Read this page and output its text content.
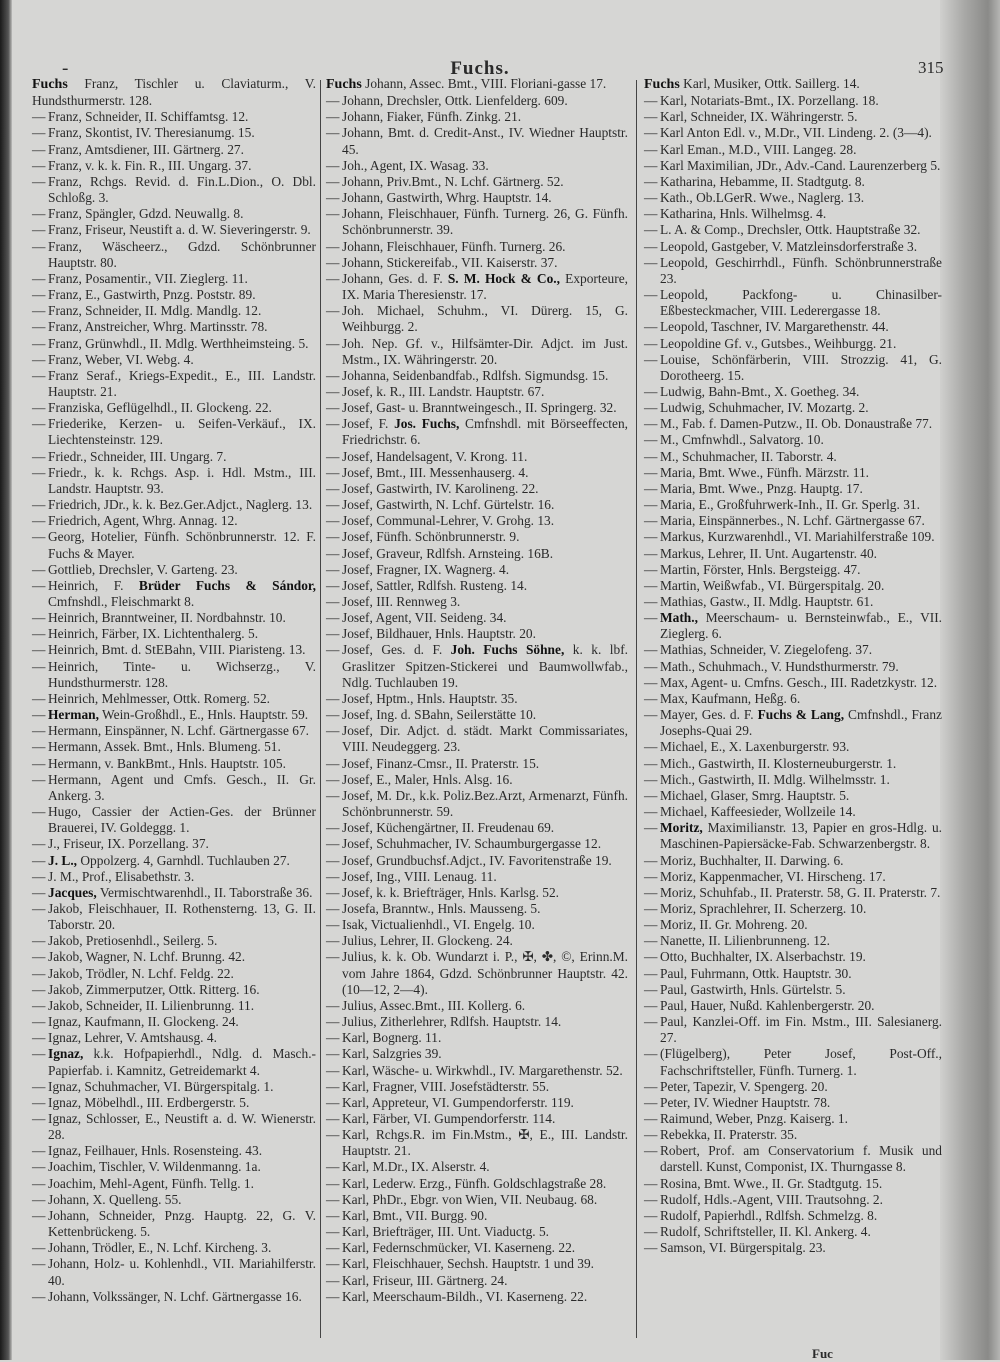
-	Fuchs.	315
Fuchs Franz, Tischler u. Claviaturm., V. Hundsthurmerstr. 128.
— Franz, Schneider, II. Schiffamtsg. 12.
— Franz, Skontist, IV. Theresianumg. 15.
— Franz, Amtsdiener, III. Gärtnerg. 27.
— Franz, v. k. k. Fin. R., III. Ungarg. 37.
— Franz, Rchgs. Revid. d. Fin.L.Dion., O. Dbl. Schloßg. 3.
— Franz, Spängler, Gdzd. Neuwallg. 8.
— Franz, Friseur, Neustift a. d. W. Sieveringerstr. 9.
— Franz, Wäscheerz., Gdzd. Schönbrunner Hauptstr. 80.
— Franz, Posamentir., VII. Zieglerg. 11.
— Franz, E., Gastwirth, Pnzg. Poststr. 89.
— Franz, Schneider, II. Mdlg. Mandlg. 12.
— Franz, Anstreicher, Whrg. Martinsstr. 78.
— Franz, Grünwhdl., II. Mdlg. Werthheimsteing. 5.
— Franz, Weber, VI. Webg. 4.
— Franz Seraf., Kriegs-Expedit., E., III. Landstr. Hauptstr. 21.
— Franziska, Geflügelhdl., II. Glockeng. 22.
— Friederike, Kerzen- u. Seifen-Verkäuf., IX. Liechtensteinstr. 129.
— Friedr., Schneider, III. Ungarg. 7.
— Friedr., k. k. Rchgs. Asp. i. Hdl. Mstm., III. Landstr. Hauptstr. 93.
— Friedrich, JDr., k. k. Bez.Ger.Adjct., Naglerg. 13.
— Friedrich, Agent, Whrg. Annag. 12.
— Georg, Hotelier, Fünfh. Schönbrunnerstr. 12. F. Fuchs & Mayer.
— Gottlieb, Drechsler, V. Garteng. 23.
— Heinrich, F. Brüder Fuchs & Sándor, Cmfnshdl., Fleischmarkt 8.
— Heinrich, Branntweiner, II. Nordbahnstr. 10.
— Heinrich, Färber, IX. Lichtenthalerg. 5.
— Heinrich, Bmt. d. StEBahn, VIII. Piaristeng. 13.
— Heinrich, Tinte- u. Wichserzg., V. Hundsthurmerstr. 128.
— Heinrich, Mehlmesser, Ottk. Romerg. 52.
— Herman, Wein-Großhdl., E., Hnls. Hauptstr. 59.
— Hermann, Einspänner, N. Lchf. Gärtnergasse 67.
— Hermann, Assek. Bmt., Hnls. Blumeng. 51.
— Hermann, v. BankBmt., Hnls. Hauptstr. 105.
— Hermann, Agent und Cmfs. Gesch., II. Gr. Ankerg. 3.
— Hugo, Cassier der Actien-Ges. der Brünner Brauerei, IV. Goldeggg. 1.
— J., Friseur, IX. Porzellang. 37.
— J. L., Oppolzerg. 4, Garnhdl. Tuchlauben 27.
— J. M., Prof., Elisabethstr. 3.
— Jacques, Vermischtwarenhdl., II. Taborstraße 36.
— Jakob, Fleischhauer, II. Rothensterng. 13, G. II. Taborstr. 20.
— Jakob, Pretiosenhdl., Seilerg. 5.
— Jakob, Wagner, N. Lchf. Brunng. 42.
— Jakob, Trödler, N. Lchf. Feldg. 22.
— Jakob, Zimmerputzer, Ottk. Ritterg. 16.
— Jakob, Schneider, II. Lilienbrunng. 11.
— Ignaz, Kaufmann, II. Glockeng. 24.
— Ignaz, Lehrer, V. Amtshausg. 4.
— Ignaz, k.k. Hofpapierhdl., Ndlg. d. Masch.-Papierfab. i. Kamnitz, Getreidemarkt 4.
— Ignaz, Schuhmacher, VI. Bürgerspitalg. 1.
— Ignaz, Möbelhdl., III. Erdbergerstr. 5.
— Ignaz, Schlosser, E., Neustift a. d. W. Wienerstr. 28.
— Ignaz, Feilhauer, Hnls. Rosensteing. 43.
— Joachim, Tischler, V. Wildenmanng. 1a.
— Joachim, Mehl-Agent, Fünfh. Tellg. 1.
— Johann, X. Quelleng. 55.
— Johann, Schneider, Pnzg. Hauptg. 22, G. V. Kettenbrückeng. 5.
— Johann, Trödler, E., N. Lchf. Kircheng. 3.
— Johann, Holz- u. Kohlenhdl., VII. Mariahilferstr. 40.
— Johann, Volkssänger, N. Lchf. Gärtnergasse 16.
Fuchs Johann, Assec. Bmt., VIII. Floriani-gasse 17.
— Johann, Drechsler, Ottk. Lienfelderg. 609.
— Johann, Fiaker, Fünfh. Zinkg. 21.
— Johann, Bmt. d. Credit-Anst., IV. Wiedner Hauptstr. 45.
— Joh., Agent, IX. Wasag. 33.
— Johann, Priv.Bmt., N. Lchf. Gärtnerg. 52.
— Johann, Gastwirth, Whrg. Hauptstr. 14.
— Johann, Fleischhauer, Fünfh. Turnerg. 26, G. Fünfh. Schönbrunnerstr. 39.
— Johann, Fleischhauer, Fünfh. Turnerg. 26.
— Johann, Stickereifab., VII. Kaiserstr. 37.
— Johann, Ges. d. F. S. M. Hock & Co., Exporteure, IX. Maria Theresienstr. 17.
— Joh. Michael, Schuhm., VI. Dürerg. 15, G. Weihburgg. 2.
— Joh. Nep. Gf. v., Hilfsämter-Dir. Adjct. im Just. Mstm., IX. Währingerstr. 20.
— Johanna, Seidenbandfab., Rdlfsh. Sigmundsg. 15.
— Josef, k. R., III. Landstr. Hauptstr. 67.
— Josef, Gast- u. Branntweingesch., II. Springerg. 32.
— Josef, F. Jos. Fuchs, Cmfnshdl. mit Börseeffecten, Friedrichstr. 6.
— Josef, Handelsagent, V. Krong. 11.
— Josef, Bmt., III. Messenhauserg. 4.
— Josef, Gastwirth, IV. Karolineng. 22.
— Josef, Gastwirth, N. Lchf. Gürtelstr. 16.
— Josef, Communal-Lehrer, V. Grohg. 13.
— Josef, Fünfh. Schönbrunnerstr. 9.
— Josef, Graveur, Rdlfsh. Arnsteing. 16B.
— Josef, Fragner, IX. Wagnerg. 4.
— Josef, Sattler, Rdlfsh. Rusteng. 14.
— Josef, III. Rennweg 3.
— Josef, Agent, VII. Seideng. 34.
— Josef, Bildhauer, Hnls. Hauptstr. 20.
— Josef, Ges. d. F. Joh. Fuchs Söhne, k. k. lbf. Graslitzer Spitzen-Stickerei und Baumwollwfab., Ndlg. Tuchlauben 19.
— Josef, Hptm., Hnls. Hauptstr. 35.
— Josef, Ing. d. SBahn, Seilerstätte 10.
— Josef, Dir. Adjct. d. städt. Markt Commissariates, VIII. Neudeggerg. 23.
— Josef, Finanz-Cmsr., II. Praterstr. 15.
— Josef, E., Maler, Hnls. Alsg. 16.
— Josef, M. Dr., k.k. Poliz.Bez.Arzt, Armenarzt, Fünfh. Schönbrunnerstr. 59.
— Josef, Küchengärtner, II. Freudenau 69.
— Josef, Schuhmacher, IV. Schaumburgergasse 12.
— Josef, Grundbuchsf.Adjct., IV. Favoritenstraße 19.
— Josef, Ing., VIII. Lenaug. 11.
— Josef, k. k. Briefträger, Hnls. Karlsg. 52.
— Josefa, Branntw., Hnls. Mausseng. 5.
— Isak, Victualienhdl., VI. Engelg. 10.
— Julius, Lehrer, II. Glockeng. 24.
— Julius, k. k. Ob. Wundarzt i. P., ✠, ✤, ©, Erinn.M. vom Jahre 1864, Gdzd. Schönbrunner Hauptstr. 42. (10—12, 2—4).
— Julius, Assec.Bmt., III. Kollerg. 6.
— Julius, Zitherlehrer, Rdlfsh. Hauptstr. 14.
— Karl, Bognerg. 11.
— Karl, Salzgries 39.
— Karl, Wäsche- u. Wirkwhdl., IV. Margarethenstr. 52.
— Karl, Fragner, VIII. Josefstädterstr. 55.
— Karl, Appreteur, VI. Gumpendorferstr. 119.
— Karl, Färber, VI. Gumpendorferstr. 114.
— Karl, Rchgs.R. im Fin.Mstm., ✠, E., III. Landstr. Hauptstr. 21.
— Karl, M.Dr., IX. Alserstr. 4.
— Karl, Lederw. Erzg., Fünfh. Goldschlagstraße 28.
— Karl, PhDr., Ebgr. von Wien, VII. Neubaug. 68.
— Karl, Bmt., VII. Burgg. 90.
— Karl, Briefträger, III. Unt. Viaductg. 5.
— Karl, Federnschmücker, VI. Kaserneng. 22.
— Karl, Fleischhauer, Sechsh. Hauptstr. 1 und 39.
— Karl, Friseur, III. Gärtnerg. 24.
— Karl, Meerschaum-Bildh., VI. Kaserneng. 22.
Fuchs Karl, Musiker, Ottk. Saillerg. 14.
— Karl, Notariats-Bmt., IX. Porzellang. 18.
— Karl, Schneider, IX. Währingerstr. 5.
— Karl Anton Edl. v., M.Dr., VII. Lindeng. 2. (3—4).
— Karl Eman., M.D., VIII. Langeg. 28.
— Karl Maximilian, JDr., Adv.-Cand. Laurenzerberg 5.
— Katharina, Hebamme, II. Stadtgutg. 8.
— Kath., Ob.LGerR. Wwe., Naglerg. 13.
— Katharina, Hnls. Wilhelmsg. 4.
— L. A. & Comp., Drechsler, Ottk. Hauptstraße 32.
— Leopold, Gastgeber, V. Matzleinsdorferstraße 3.
— Leopold, Geschirrhdl., Fünfh. Schönbrunnerstraße 23.
— Leopold, Packfong- u. Chinasilber-Eßbesteckmacher, VIII. Lederergasse 18.
— Leopold, Taschner, IV. Margarethenstr. 44.
— Leopoldine Gf. v., Gutsbes., Weihburgg. 21.
— Louise, Schönfärberin, VIII. Strozzig. 41, G. Dorotheerg. 15.
— Ludwig, Bahn-Bmt., X. Goetheg. 34.
— Ludwig, Schuhmacher, IV. Mozartg. 2.
— M., Fab. f. Damen-Putzw., II. Ob. Donaustraße 77.
— M., Cmfnwhdl., Salvatorg. 10.
— M., Schuhmacher, II. Taborstr. 4.
— Maria, Bmt. Wwe., Fünfh. Märzstr. 11.
— Maria, Bmt. Wwe., Pnzg. Hauptg. 17.
— Maria, E., Großfuhrwerk-Inh., II. Gr. Sperlg. 31.
— Maria, Einspännerbes., N. Lchf. Gärtnergasse 67.
— Markus, Kurzwarenhdl., VI. Mariahilferstraße 109.
— Markus, Lehrer, II. Unt. Augartenstr. 40.
— Martin, Förster, Hnls. Bergsteigg. 47.
— Martin, Weißwfab., VI. Bürgerspitalg. 20.
— Mathias, Gastw., II. Mdlg. Hauptstr. 61.
— Math., Meerschaum- u. Bernsteinwfab., E., VII. Zieglerg. 6.
— Mathias, Schneider, V. Ziegelofeng. 37.
— Math., Schuhmach., V. Hundsthurmerstr. 79.
— Max, Agent- u. Cmfns. Gesch., III. Radetzkystr. 12.
— Max, Kaufmann, Heßg. 6.
— Mayer, Ges. d. F. Fuchs & Lang, Cmfnshdl., Franz Josephs-Quai 29.
— Michael, E., X. Laxenburgerstr. 93.
— Mich., Gastwirth, II. Klosterneuburgerstr. 1.
— Mich., Gastwirth, II. Mdlg. Wilhelmsstr. 1.
— Michael, Glaser, Smrg. Hauptstr. 5.
— Michael, Kaffeesieder, Wollzeile 14.
— Moritz, Maximilianstr. 13, Papier en gros-Hdlg. u. Maschinen-Papiersäcke-Fab. Schwarzenbergstr. 8.
— Moriz, Buchhalter, II. Darwing. 6.
— Moriz, Kappenmacher, VI. Hirscheng. 17.
— Moriz, Schuhfab., II. Praterstr. 58, G. II. Praterstr. 7.
— Moriz, Sprachlehrer, II. Scherzerg. 10.
— Moriz, II. Gr. Mohreng. 20.
— Nanette, II. Lilienbrunneng. 12.
— Otto, Buchhalter, IX. Alserbachstr. 19.
— Paul, Fuhrmann, Ottk. Hauptstr. 30.
— Paul, Gastwirth, Hnls. Gürtelstr. 5.
— Paul, Hauer, Nußd. Kahlenbergerstr. 20.
— Paul, Kanzlei-Off. im Fin. Mstm., III. Salesianerg. 27.
— (Flügelberg), Peter Josef, Post-Off., Fachschriftsteller, Fünfh. Turnerg. 1.
— Peter, Tapezir, V. Spengerg. 20.
— Peter, IV. Wiedner Hauptstr. 78.
— Raimund, Weber, Pnzg. Kaiserg. 1.
— Rebekka, II. Praterstr. 35.
— Robert, Prof. am Conservatorium f. Musik und darstell. Kunst, Componist, IX. Thurngasse 8.
— Rosina, Bmt. Wwe., II. Gr. Stadtgutg. 15.
— Rudolf, Hdls.-Agent, VIII. Trautsohng. 2.
— Rudolf, Papierhdl., Rdlfsh. Schmelzg. 8.
— Rudolf, Schriftsteller, II. Kl. Ankerg. 4.
— Samson, VI. Bürgerspitalg. 23.
Fuc
